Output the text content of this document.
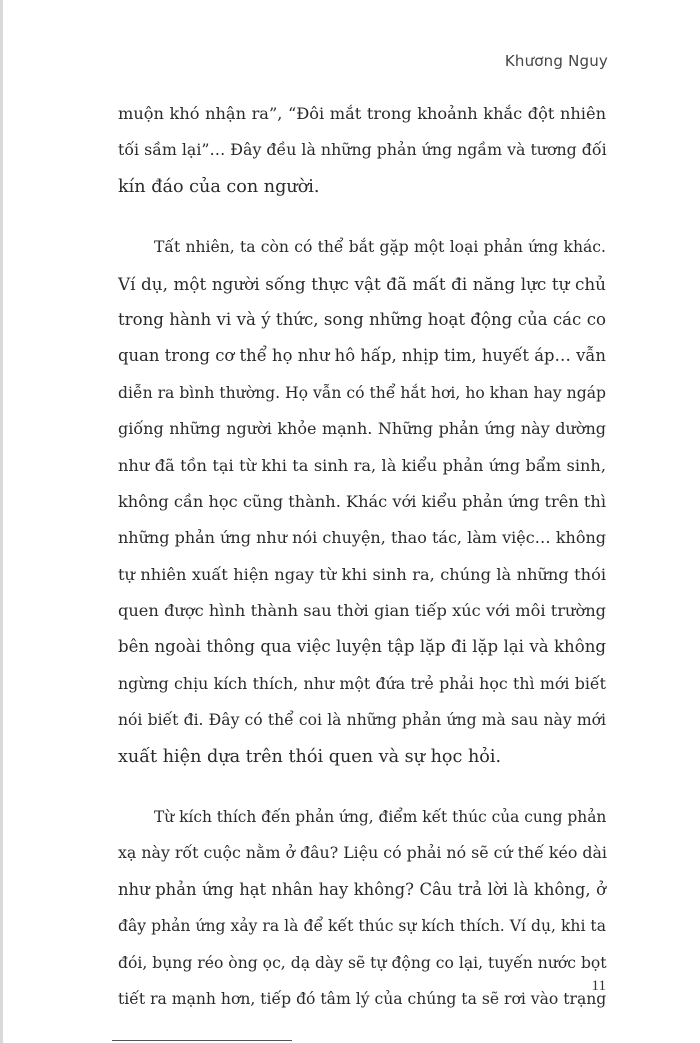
Khương Nguy
muộn khó nhận ra”, “Đôi mắt trong khoảnh khắc đột nhiên
tối sầm lại”… Đây đều là những phản ứng ngầm và tương đối
kín đáo của con người.
Tất nhiên, ta còn có thể bắt gặp một loại phản ứng khác.
Ví dụ, một người sống thực vật đã mất đi năng lực tự chủ
trong hành vi và ý thức, song những hoạt động của các co
quan trong cơ thể họ như hô hấp, nhịp tim, huyết áp… vẫn
diễn ra bình thường. Họ vẫn có thể hắt hơi, ho khan hay ngáp
giống những người khỏe mạnh. Những phản ứng này dường
như đã tồn tại từ khi ta sinh ra, là kiểu phản ứng bẩm sinh,
không cần học cũng thành. Khác với kiểu phản ứng trên thì
những phản ứng như nói chuyện, thao tác, làm việc… không
tự nhiên xuất hiện ngay từ khi sinh ra, chúng là những thói
quen được hình thành sau thời gian tiếp xúc với môi trường
bên ngoài thông qua việc luyện tập lặp đi lặp lại và không
ngừng chịu kích thích, như một đứa trẻ phải học thì mới biết
nói biết đi. Đây có thể coi là những phản ứng mà sau này mới
xuất hiện dựa trên thói quen và sự học hỏi.
Từ kích thích đến phản ứng, điểm kết thúc của cung phản
xạ này rốt cuộc nằm ở đâu? Liệu có phải nó sẽ cứ thế kéo dài
như phản ứng hạt nhân hay không? Câu trả lời là không, ở
đây phản ứng xảy ra là để kết thúc sự kích thích. Ví dụ, khi ta
đói, bụng réo òng ọc, dạ dày sẽ tự động co lại, tuyến nước bọt
tiết ra mạnh hơn, tiếp đó tâm lý của chúng ta sẽ rơi vào trạng
11
